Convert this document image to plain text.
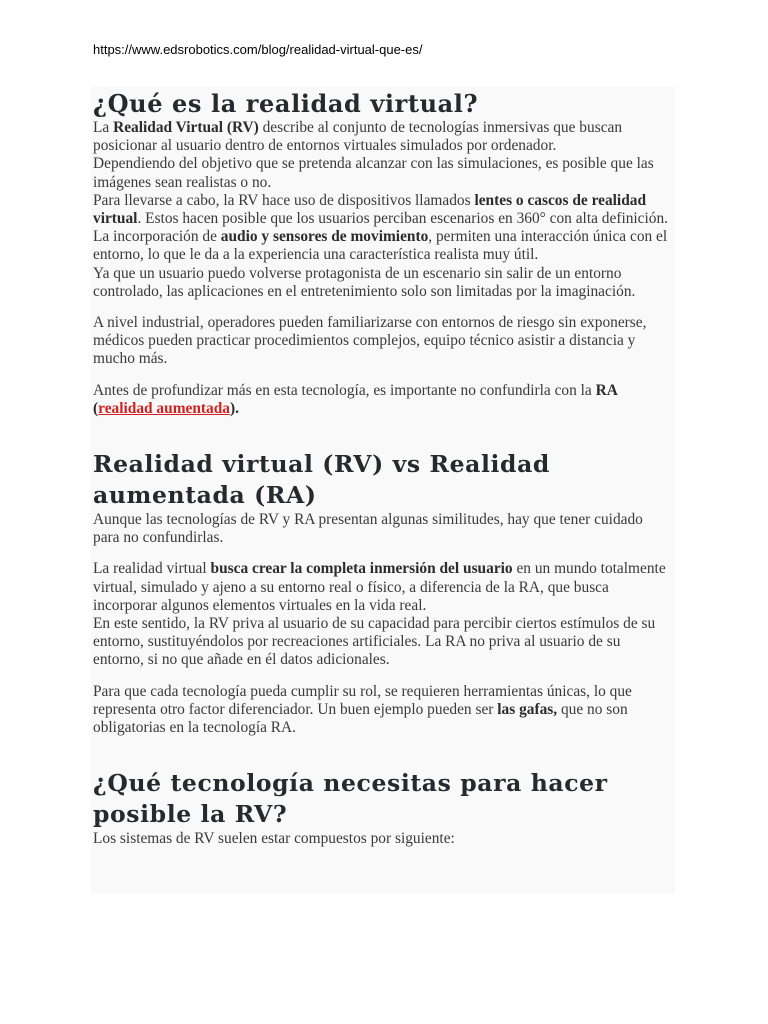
https://www.edsrobotics.com/blog/realidad-virtual-que-es/
¿Qué es la realidad virtual?

La Realidad Virtual (RV) describe al conjunto de tecnologías inmersivas que buscan posicionar al usuario dentro de entornos virtuales simulados por ordenador.

Dependiendo del objetivo que se pretenda alcanzar con las simulaciones, es posible que las imágenes sean realistas o no.

Para llevarse a cabo, la RV hace uso de dispositivos llamados lentes o cascos de realidad virtual. Estos hacen posible que los usuarios perciban escenarios en 360° con alta definición.

La incorporación de audio y sensores de movimiento, permiten una interacción única con el entorno, lo que le da a la experiencia una característica realista muy útil.

Ya que un usuario puedo volverse protagonista de un escenario sin salir de un entorno controlado, las aplicaciones en el entretenimiento solo son limitadas por la imaginación.

A nivel industrial, operadores pueden familiarizarse con entornos de riesgo sin exponerse, médicos pueden practicar procedimientos complejos, equipo técnico asistir a distancia y mucho más.

Antes de profundizar más en esta tecnología, es importante no confundirla con la RA (realidad aumentada).

Realidad virtual (RV) vs Realidad aumentada (RA)

Aunque las tecnologías de RV y RA presentan algunas similitudes, hay que tener cuidado para no confundirlas.

La realidad virtual busca crear la completa inmersión del usuario en un mundo totalmente virtual, simulado y ajeno a su entorno real o físico, a diferencia de la RA, que busca incorporar algunos elementos virtuales en la vida real.

En este sentido, la RV priva al usuario de su capacidad para percibir ciertos estímulos de su entorno, sustituyéndolos por recreaciones artificiales. La RA no priva al usuario de su entorno, si no que añade en él datos adicionales.

Para que cada tecnología pueda cumplir su rol, se requieren herramientas únicas, lo que representa otro factor diferenciador. Un buen ejemplo pueden ser las gafas, que no son obligatorias en la tecnología RA.

¿Qué tecnología necesitas para hacer posible la RV?

Los sistemas de RV suelen estar compuestos por siguiente:
